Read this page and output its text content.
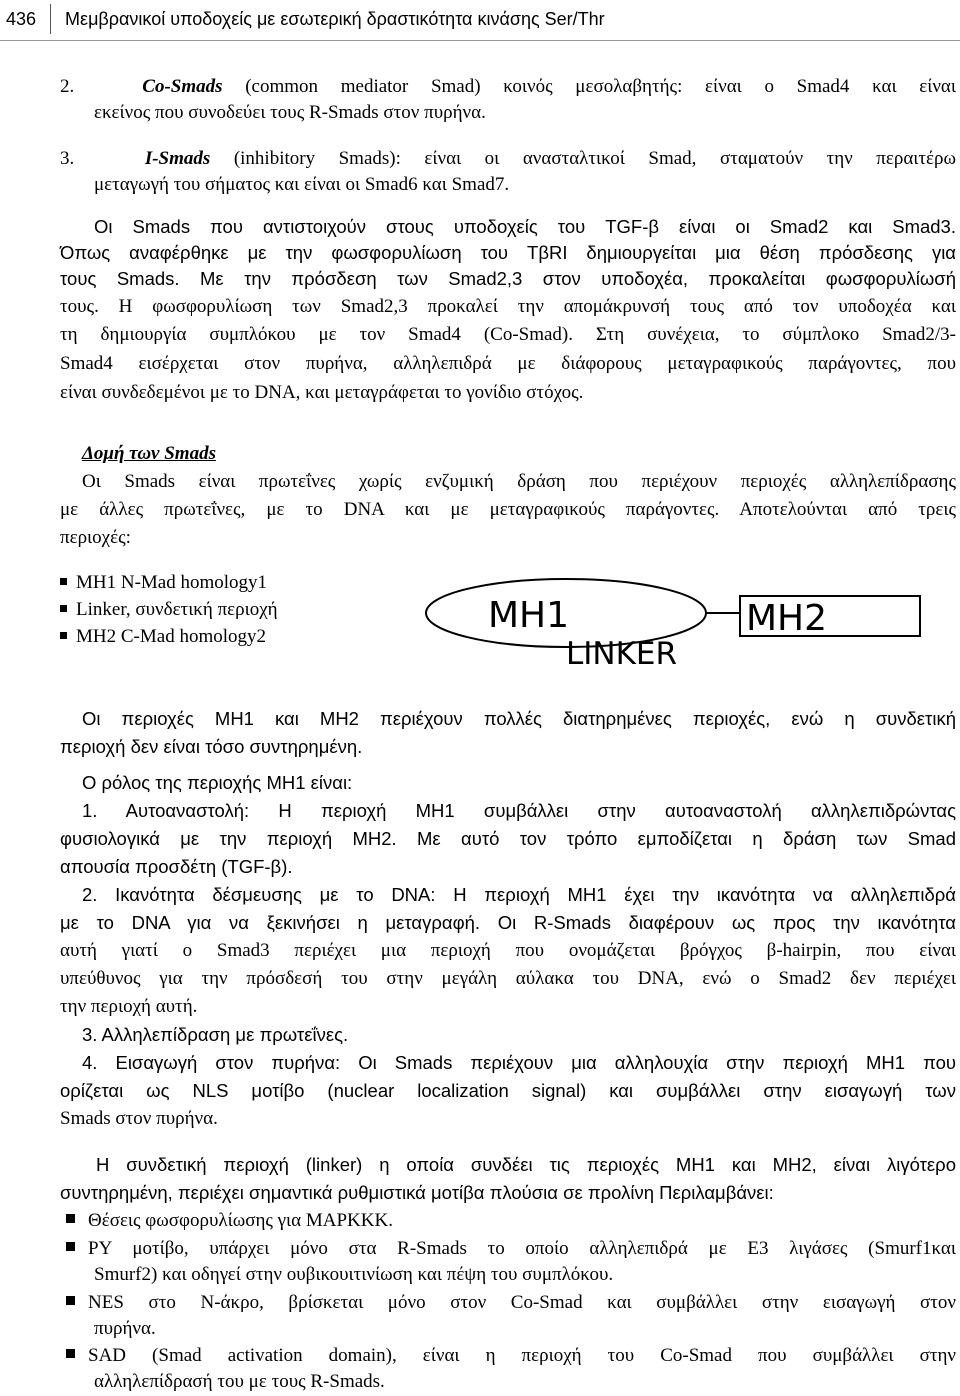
436	Μεμβρανικοί υποδοχείς με εσωτερική δραστικότητα κινάσης Ser/Thr
2.	Co-Smads (common mediator Smad) κοινός μεσολαβητής: είναι ο Smad4 και είναι
εκείνος που συνοδεύει τους R-Smads στον πυρήνα.
3.	I-Smads (inhibitory Smads): είναι οι ανασταλτικοί Smad, σταματούν την περαιτέρω
μεταγωγή του σήματος και είναι οι Smad6 και Smad7.
Οι Smads που αντιστοιχούν στους υποδοχείς του TGF-β είναι οι Smad2 και Smad3.
Όπως αναφέρθηκε με την φωσφορυλίωση του TβRI δημιουργείται μια θέση πρόσδεσης για
τους Smads. Με την πρόσδεση των Smad2,3 στον υποδοχέα, προκαλείται φωσφορυλίωσή
τους. Η φωσφορυλίωση των Smad2,3 προκαλεί την απομάκρυνσή τους από τον υποδοχέα και
τη δημιουργία συμπλόκου με τον Smad4 (Co-Smad). Στη συνέχεια, το σύμπλοκο Smad2/3-
Smad4 εισέρχεται στον πυρήνα, αλληλεπιδρά με διάφορους μεταγραφικούς παράγοντες, που
είναι συνδεδεμένοι με το DNA, και μεταγράφεται το γονίδιο στόχος.
Δομή των Smads
Οι Smads είναι πρωτεΐνες χωρίς ενζυμική δράση που περιέχουν περιοχές αλληλεπίδρασης
με άλλες πρωτεΐνες, με το DNA και με μεταγραφικούς παράγοντες. Αποτελούνται από τρεις
περιοχές:
MH1 N-Mad homology1
Linker, συνδετική περιοχή
MH2 C-Mad homology2
MH1	MH2
LINKER
Οι περιοχές MH1 και MH2 περιέχουν πολλές διατηρημένες περιοχές, ενώ η συνδετική
περιοχή δεν είναι τόσο συντηρημένη.
Ο ρόλος της περιοχής MH1 είναι:
1. Αυτοαναστολή: Η περιοχή MH1 συμβάλλει στην αυτοαναστολή αλληλεπιδρώντας
φυσιολογικά με την περιοχή MH2. Με αυτό τον τρόπο εμποδίζεται η δράση των Smad
απουσία προσδέτη (TGF-β).
2. Ικανότητα δέσμευσης με το DNA: Η περιοχή MH1 έχει την ικανότητα να αλληλεπιδρά
με το DNA για να ξεκινήσει η μεταγραφή. Οι R-Smads διαφέρουν ως προς την ικανότητα
αυτή γιατί ο Smad3 περιέχει μια περιοχή που ονομάζεται βρόγχος β-hairpin, που είναι
υπεύθυνος για την πρόσδεσή του στην μεγάλη αύλακα του DNA, ενώ ο Smad2 δεν περιέχει
την περιοχή αυτή.
3. Αλληλεπίδραση με πρωτεΐνες.
4. Εισαγωγή στον πυρήνα: Οι Smads περιέχουν μια αλληλουχία στην περιοχή MH1 που
ορίζεται ως NLS μοτίβο (nuclear localization signal) και συμβάλλει στην εισαγωγή των
Smads στον πυρήνα.
Η συνδετική περιοχή (linker) η οποία συνδέει τις περιοχές MH1 και MH2, είναι λιγότερο
συντηρημένη, περιέχει σημαντικά ρυθμιστικά μοτίβα πλούσια σε προλίνη Περιλαμβάνει:
Θέσεις φωσφορυλίωσης για MAPKKK.
PY μοτίβο, υπάρχει μόνο στα R-Smads το οποίο αλληλεπιδρά με E3 λιγάσες (Smurf1και
Smurf2) και οδηγεί στην ουβικουιτινίωση και πέψη του συμπλόκου.
NES στο N-άκρο, βρίσκεται μόνο στον Co-Smad και συμβάλλει στην εισαγωγή στον
πυρήνα.
SAD (Smad activation domain), είναι η περιοχή του Co-Smad που συμβάλλει στην
αλληλεπίδρασή του με τους R-Smads.
